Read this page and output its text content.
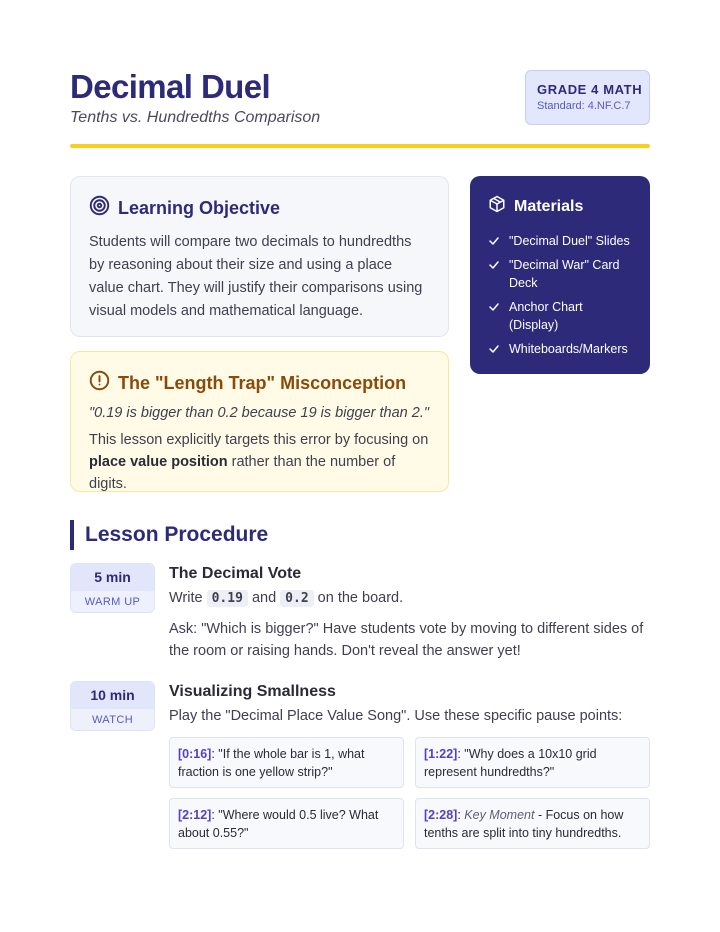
Decimal Duel
Tenths vs. Hundredths Comparison
GRADE 4 MATH
Standard: 4.NF.C.7
Learning Objective
Students will compare two decimals to hundredths by reasoning about their size and using a place value chart. They will justify their comparisons using visual models and mathematical language.
The "Length Trap" Misconception
"0.19 is bigger than 0.2 because 19 is bigger than 2."
This lesson explicitly targets this error by focusing on place value position rather than the number of digits.
Materials
"Decimal Duel" Slides
"Decimal War" Card Deck
Anchor Chart (Display)
Whiteboards/Markers
Lesson Procedure
5 min
WARM UP
The Decimal Vote
Write 0.19 and 0.2 on the board.
Ask: "Which is bigger?" Have students vote by moving to different sides of the room or raising hands. Don't reveal the answer yet!
10 min
WATCH
Visualizing Smallness
Play the "Decimal Place Value Song". Use these specific pause points:
[0:16]: "If the whole bar is 1, what fraction is one yellow strip?"
[1:22]: "Why does a 10x10 grid represent hundredths?"
[2:12]: "Where would 0.5 live? What about 0.55?"
[2:28]: Key Moment - Focus on how tenths are split into tiny hundredths.
